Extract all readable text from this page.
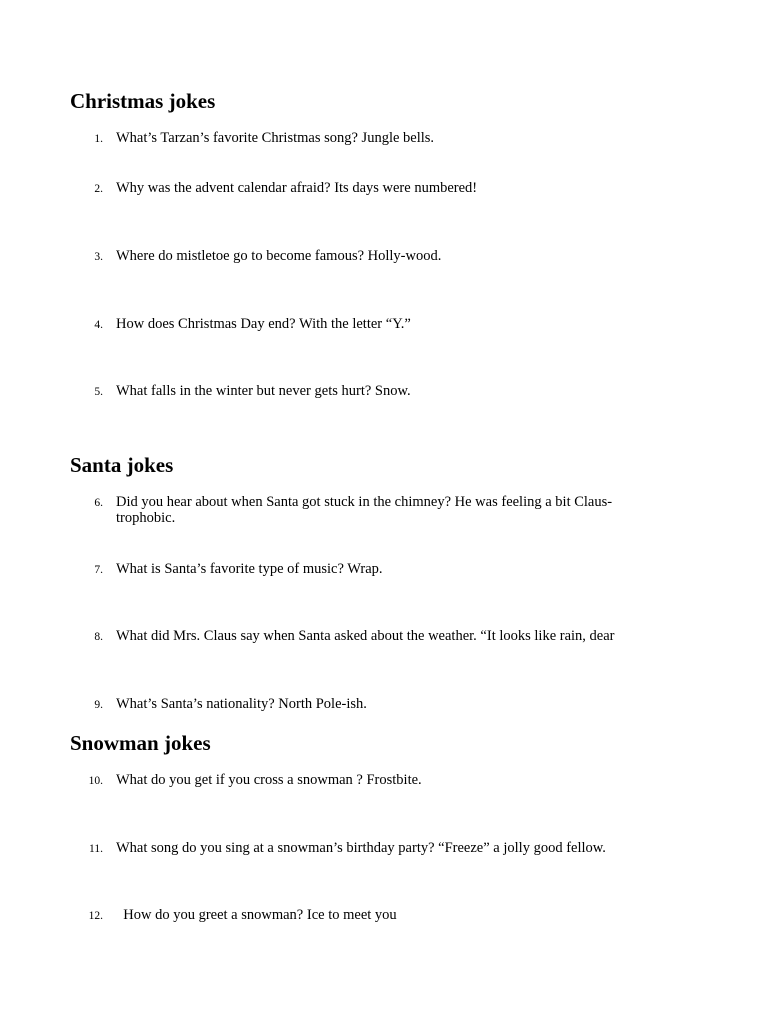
Christmas jokes
1. What’s Tarzan’s favorite Christmas song? Jungle bells.
2. Why was the advent calendar afraid? Its days were numbered!
3. Where do mistletoe go to become famous? Holly-wood.
4. How does Christmas Day end? With the letter “Y.”
5. What falls in the winter but never gets hurt? Snow.
Santa jokes
6. Did you hear about when Santa got stuck in the chimney? He was feeling a bit Claus-trophobic.
7. What is Santa’s favorite type of music? Wrap.
8. What did Mrs. Claus say when Santa asked about the weather. “It looks like rain, dear
9. What’s Santa’s nationality? North Pole-ish.
Snowman jokes
10. What do you get if you cross a snowman ? Frostbite.
11. What song do you sing at a snowman’s birthday party? “Freeze” a jolly good fellow.
12. How do you greet a snowman? Ice to meet you
